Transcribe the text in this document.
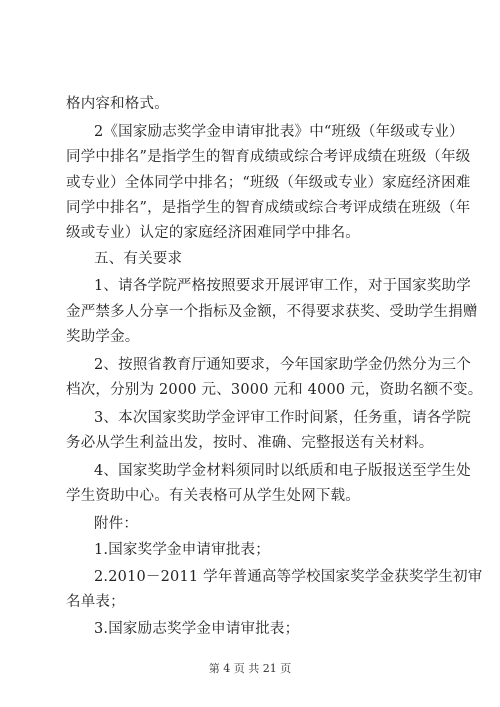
格内容和格式。
2《国家励志奖学金申请审批表》中“班级（年级或专业）
同学中排名”是指学生的智育成绩或综合考评成绩在班级（年级
或专业）全体同学中排名；“班级（年级或专业）家庭经济困难
同学中排名”，是指学生的智育成绩或综合考评成绩在班级（年
级或专业）认定的家庭经济困难同学中排名。
五、有关要求
1、请各学院严格按照要求开展评审工作，对于国家奖助学
金严禁多人分享一个指标及金额，不得要求获奖、受助学生捐赠
奖助学金。
2、按照省教育厅通知要求，今年国家助学金仍然分为三个
档次，分别为 2000 元、3000 元和 4000 元，资助名额不变。
3、本次国家奖助学金评审工作时间紧，任务重，请各学院
务必从学生利益出发，按时、准确、完整报送有关材料。
4、国家奖助学金材料须同时以纸质和电子版报送至学生处
学生资助中心。有关表格可从学生处网下载。
附件：
1.国家奖学金申请审批表；
2.2010－2011 学年普通高等学校国家奖学金获奖学生初审
名单表；
3.国家励志奖学金申请审批表；
第 4 页 共 21 页
